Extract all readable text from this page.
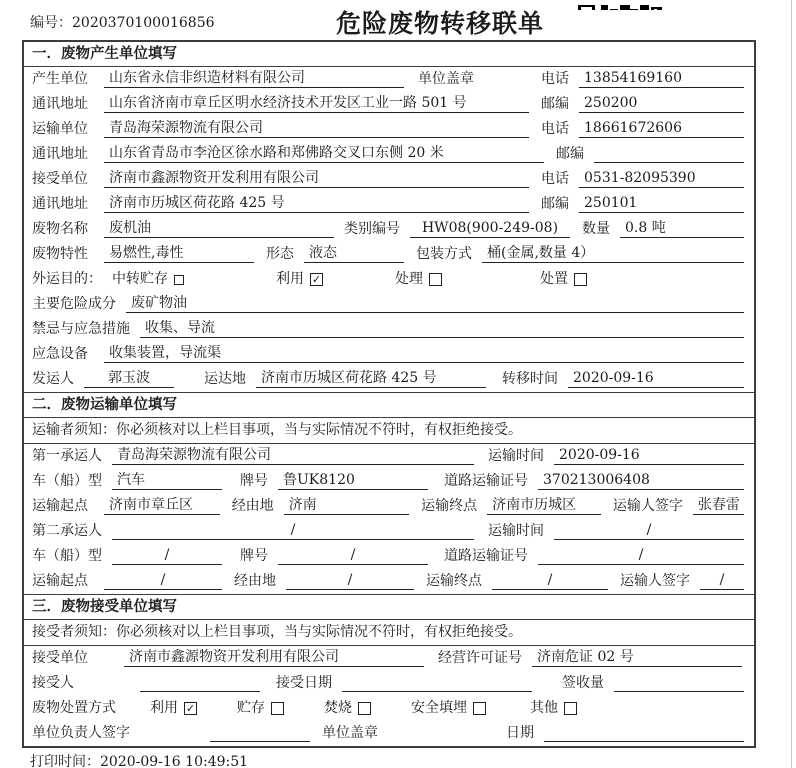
编号：2020370100016856	危险废物转移联单
一．废物产生单位填写
产生单位	山东省永信非织造材料有限公司	单位盖章	电话	13854169160
通讯地址	山东省济南市章丘区明水经济技术开发区工业一路 501 号	邮编	250200
运输单位	青岛海荣源物流有限公司	电话	18661672606
通讯地址	山东省青岛市李沧区徐水路和郑佛路交叉口东侧 20 米	邮编
接受单位	济南市鑫源物资开发利用有限公司	电话	0531-82095390
通讯地址	济南市历城区荷花路 425 号	邮编	250101
废物名称	废机油	类别编号	HW08(900-249-08)	数量	0.8 吨
废物特性	易燃性,毒性	形态	液态	包装方式	桶(金属,数量 4）
外运目的： 中转贮存	利用 ✓	处理	处置
主要危险成分	废矿物油
禁忌与应急措施	收集、导流
应急设备	收集装置，导流渠
发运人	郭玉波	运达地	济南市历城区荷花路 425 号	转移时间	2020-09-16
二．废物运输单位填写
运输者须知：你必须核对以上栏目事项，当与实际情况不符时，有权拒绝接受。
第一承运人	青岛海荣源物流有限公司	运输时间	2020-09-16
车（船）型	汽车	牌号	鲁UK8120	道路运输证号	370213006408
运输起点	济南市章丘区	经由地	济南	运输终点	济南市历城区	运输人签字	张春雷
第二承运人	/	运输时间	/
车（船）型	/	牌号	/	道路运输证号	/
运输起点	/	经由地	/	运输终点	/	运输人签字	/
三．废物接受单位填写
接受者须知：你必须核对以上栏目事项，当与实际情况不符时，有权拒绝接受。
接受单位	济南市鑫源物资开发利用有限公司	经营许可证号	济南危证 02 号
接受人	接受日期	签收量
废物处置方式 利用 ✓	贮存	焚烧	安全填埋	其他
单位负责人签字	单位盖章	日期
打印时间：2020-09-16 10:49:51
